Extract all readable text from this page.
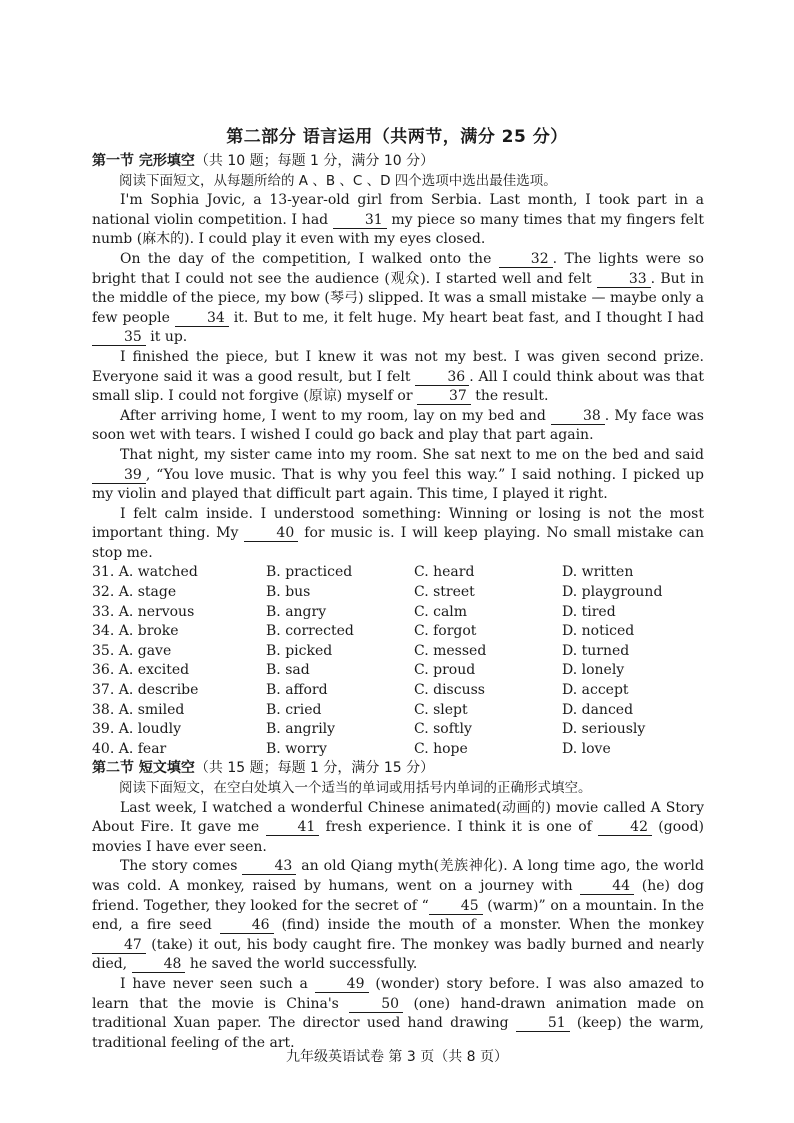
第二部分 语言运用（共两节，满分 25 分）

第一节 完形填空（共 10 题；每题 1 分，满分 10 分）

阅读下面短文，从每题所给的 A 、B 、C 、D 四个选项中选出最佳选项。

I'm Sophia Jovic, a 13-year-old girl from Serbia. Last month, I took part in a national violin competition. I had 31 my piece so many times that my fingers felt numb (麻木的). I could play it even with my eyes closed.

On the day of the competition, I walked onto the 32 . The lights were so bright that I could not see the audience (观众). I started well and felt 33 . But in the middle of the piece, my bow (琴弓) slipped. It was a small mistake — maybe only a few people 34 it. But to me, it felt huge. My heart beat fast, and I thought I had 35 it up.

I finished the piece, but I knew it was not my best. I was given second prize. Everyone said it was a good result, but I felt 36 . All I could think about was that small slip. I could not forgive (原谅) myself or 37 the result.

After arriving home, I went to my room, lay on my bed and 38 . My face was soon wet with tears. I wished I could go back and play that part again.

That night, my sister came into my room. She sat next to me on the bed and said 39 , “You love music. That is why you feel this way.” I said nothing. I picked up my violin and played that difficult part again. This time, I played it right.

I felt calm inside. I understood something: Winning or losing is not the most important thing. My 40 for music is. I will keep playing. No small mistake can stop me.

31. A. watched	B. practiced	C. heard	D. written
32. A. stage	B. bus	C. street	D. playground
33. A. nervous	B. angry	C. calm	D. tired
34. A. broke	B. corrected	C. forgot	D. noticed
35. A. gave	B. picked	C. messed	D. turned
36. A. excited	B. sad	C. proud	D. lonely
37. A. describe	B. afford	C. discuss	D. accept
38. A. smiled	B. cried	C. slept	D. danced
39. A. loudly	B. angrily	C. softly	D. seriously
40. A. fear	B. worry	C. hope	D. love

第二节 短文填空（共 15 题；每题 1 分，满分 15 分）

阅读下面短文，在空白处填入一个适当的单词或用括号内单词的正确形式填空。

Last week, I watched a wonderful Chinese animated(动画的) movie called A Story About Fire. It gave me 41 fresh experience. I think it is one of 42 (good) movies I have ever seen.

The story comes 43 an old Qiang myth(羌族神化). A long time ago, the world was cold. A monkey, raised by humans, went on a journey with 44 (he) dog friend. Together, they looked for the secret of “ 45 (warm)” on a mountain. In the end, a fire seed 46 (find) inside the mouth of a monster. When the monkey 47 (take) it out, his body caught fire. The monkey was badly burned and nearly died, 48 he saved the world successfully.

I have never seen such a 49 (wonder) story before. I was also amazed to learn that the movie is China's 50 (one) hand-drawn animation made on traditional Xuan paper. The director used hand drawing 51 (keep) the warm, traditional feeling of the art.

九年级英语试卷 第 3 页（共 8 页）
